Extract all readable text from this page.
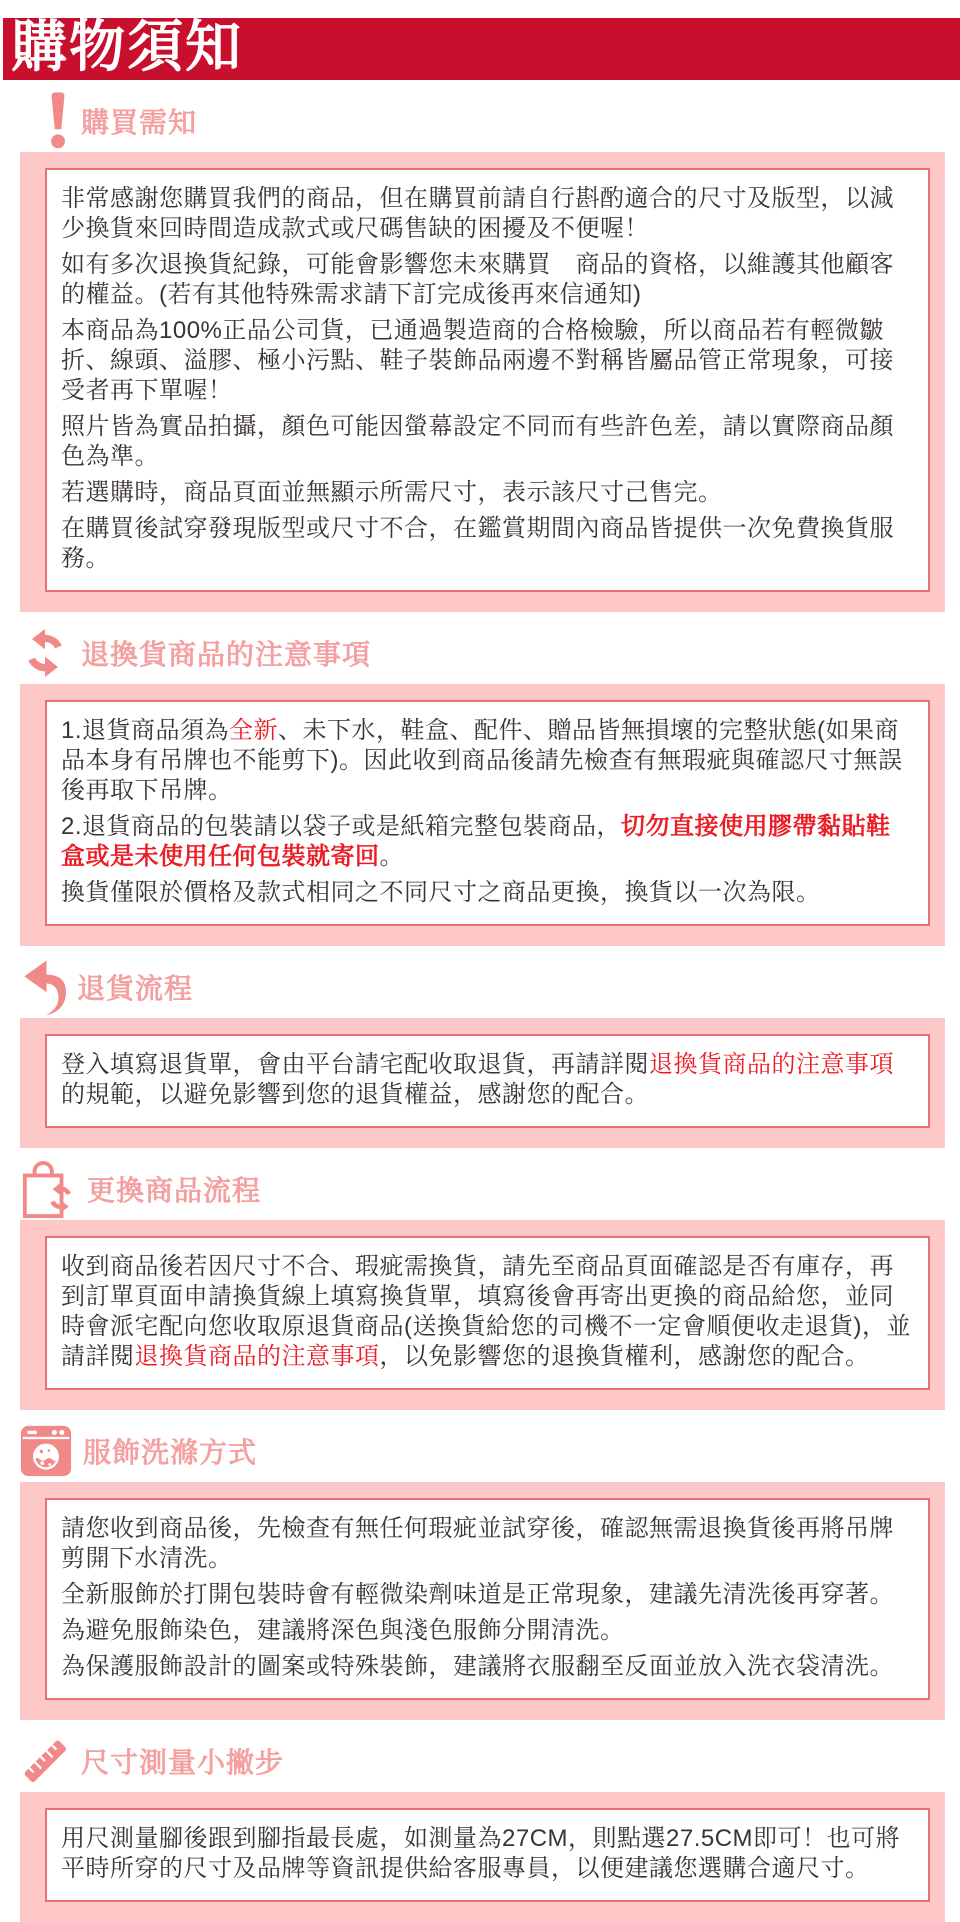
購物須知
購買需知

非常感謝您購買我們的商品，但在購買前請自行斟酌適合的尺寸及版型，以減少換貨來回時間造成款式或尺碼售缺的困擾及不便喔！

如有多次退換貨紀錄，可能會影響您未來購買　商品的資格，以維護其他顧客的權益。(若有其他特殊需求請下訂完成後再來信通知)

本商品為100%正品公司貨，已通過製造商的合格檢驗，所以商品若有輕微皺折、線頭、溢膠、極小污點、鞋子裝飾品兩邊不對稱皆屬品管正常現象，可接受者再下單喔！

照片皆為實品拍攝，顏色可能因螢幕設定不同而有些許色差，請以實際商品顏色為準。

若選購時，商品頁面並無顯示所需尺寸，表示該尺寸己售完。

在購買後試穿發現版型或尺寸不合，在鑑賞期間內商品皆提供一次免費換貨服務。

退換貨商品的注意事項

1.退貨商品須為全新、未下水，鞋盒、配件、贈品皆無損壞的完整狀態(如果商品本身有吊牌也不能剪下)。因此收到商品後請先檢查有無瑕疵與確認尺寸無誤後再取下吊牌。

2.退貨商品的包裝請以袋子或是紙箱完整包裝商品，切勿直接使用膠帶黏貼鞋盒或是未使用任何包裝就寄回。

換貨僅限於價格及款式相同之不同尺寸之商品更換，換貨以一次為限。

退貨流程

登入填寫退貨單，會由平台請宅配收取退貨，再請詳閱退換貨商品的注意事項的規範，以避免影響到您的退貨權益，感謝您的配合。

更換商品流程

收到商品後若因尺寸不合、瑕疵需換貨，請先至商品頁面確認是否有庫存，再到訂單頁面申請換貨線上填寫換貨單，填寫後會再寄出更換的商品給您，並同時會派宅配向您收取原退貨商品(送換貨給您的司機不一定會順便收走退貨)，並請詳閱退換貨商品的注意事項，以免影響您的退換貨權利，感謝您的配合。

服飾洗滌方式

請您收到商品後，先檢查有無任何瑕疵並試穿後，確認無需退換貨後再將吊牌剪開下水清洗。

全新服飾於打開包裝時會有輕微染劑味道是正常現象，建議先清洗後再穿著。

為避免服飾染色，建議將深色與淺色服飾分開清洗。

為保護服飾設計的圖案或特殊裝飾，建議將衣服翻至反面並放入洗衣袋清洗。

尺寸測量小撇步

用尺測量腳後跟到腳指最長處，如測量為27CM，則點選27.5CM即可！也可將平時所穿的尺寸及品牌等資訊提供給客服專員，以便建議您選購合適尺寸。
